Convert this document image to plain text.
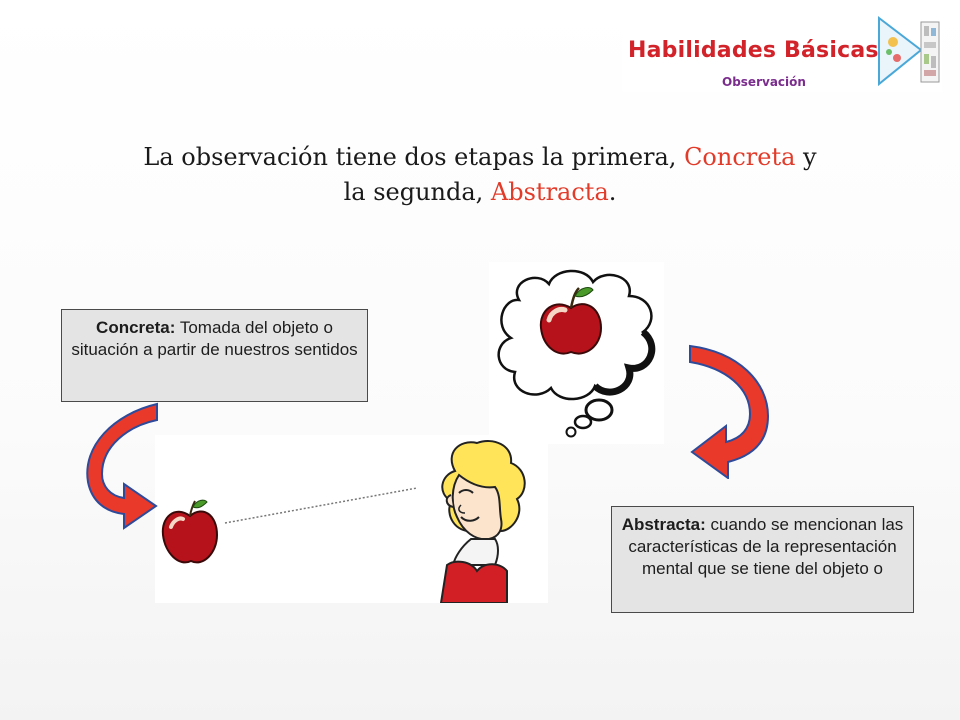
Habilidades Básicas
Observación
La observación tiene dos etapas la primera, Concreta y
la segunda, Abstracta.
Concreta: Tomada del objeto o situación a partir de nuestros sentidos
Abstracta: cuando se mencionan las características de la representación mental que se tiene del objeto o
